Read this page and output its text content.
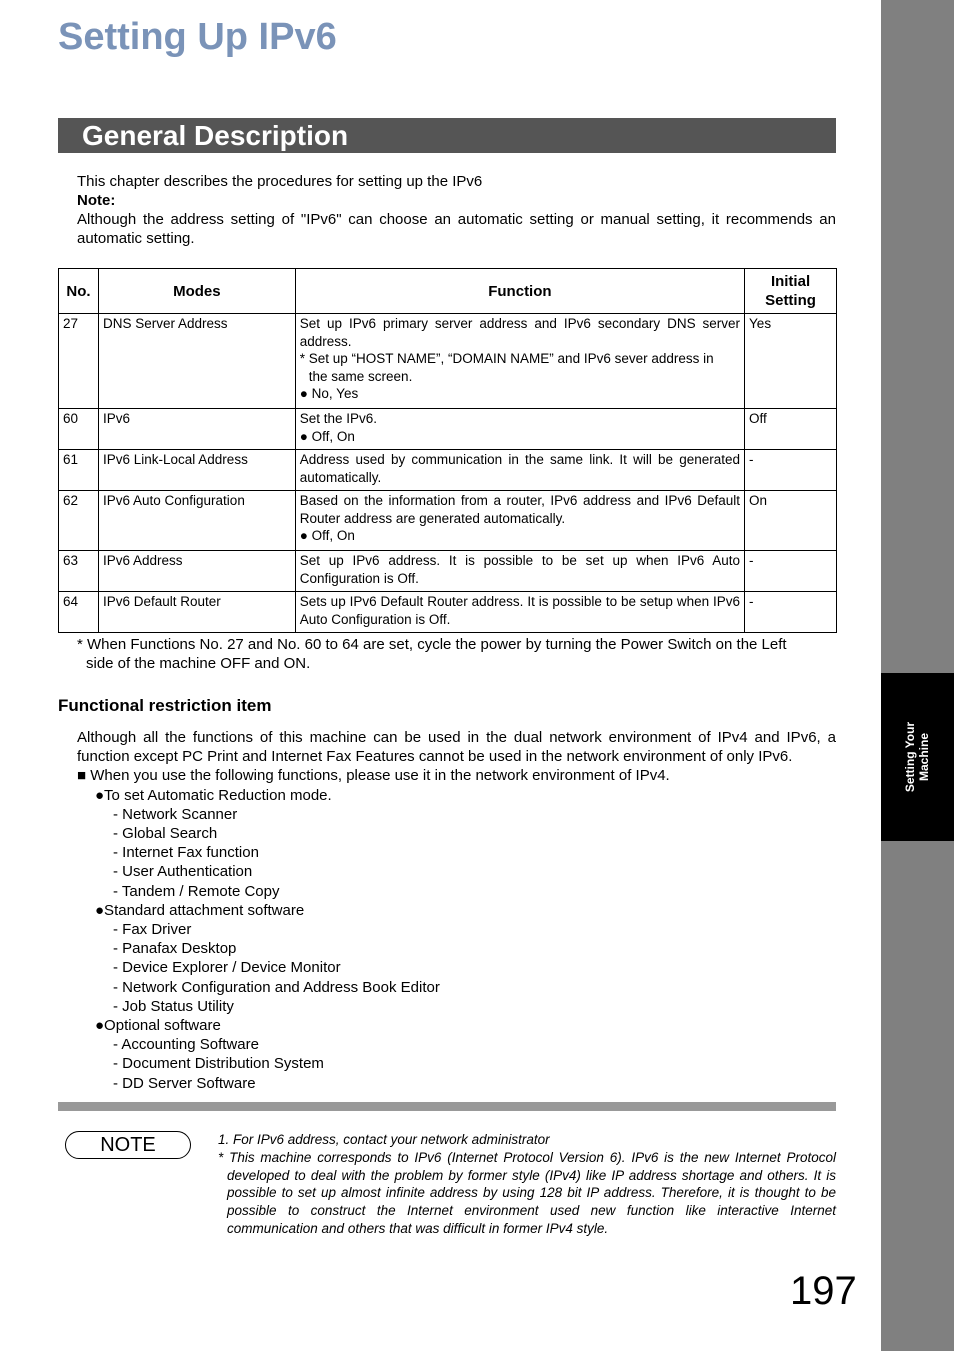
Setting Your Machine
Setting Up IPv6
General Description

This chapter describes the procedures for setting up the IPv6

Note:

Although the address setting of "IPv6" can choose an automatic setting or manual setting, it recommends an automatic setting.

No.	Modes	Function	Initial Setting
27	DNS Server Address	Set up IPv6 primary server address and IPv6 secondary DNS server address.
* Set up “HOST NAME”, “DOMAIN NAME” and IPv6 sever address in
the same screen.
● No, Yes	Yes
60	IPv6	Set the IPv6.
● Off, On	Off
61	IPv6 Link-Local Address	Address used by communication in the same link. It will be generated automatically.	-
62	IPv6 Auto Configuration	Based on the information from a router, IPv6 address and IPv6 Default Router address are generated automatically.
● Off, On	On
63	IPv6 Address	Set up IPv6 address. It is possible to be set up when IPv6 Auto Configuration is Off.	-
64	IPv6 Default Router	Sets up IPv6 Default Router address. It is possible to be setup when IPv6 Auto Configuration is Off.	-
* When Functions No. 27 and No. 60 to 64 are set, cycle the power by turning the Power Switch on the Left
side of the machine OFF and ON.
Functional restriction item

Although all the functions of this machine can be used in the dual network environment of IPv4 and IPv6, a function except PC Print and Internet Fax Features cannot be used in the network environment of only IPv6.

■ When you use the following functions, please use it in the network environment of IPv4.

●To set Automatic Reduction mode.
- Network Scanner
- Global Search
- Internet Fax function
- User Authentication
- Tandem / Remote Copy
●Standard attachment software
- Fax Driver
- Panafax Desktop
- Device Explorer / Device Monitor
- Network Configuration and Address Book Editor
- Job Status Utility
●Optional software
- Accounting Software
- Document Distribution System
- DD Server Software
NOTE	1. For IPv6 address, contact your network administrator

* This machine corresponds to IPv6 (Internet Protocol Version 6). IPv6 is the new Internet Protocol developed to deal with the problem by former style (IPv4) like IP address shortage and others. It is possible to set up almost infinite address by using 128 bit IP address. Therefore, it is thought to be possible to construct the Internet environment used new function like interactive Internet communication and others that was difficult in former IPv4 style.

197
